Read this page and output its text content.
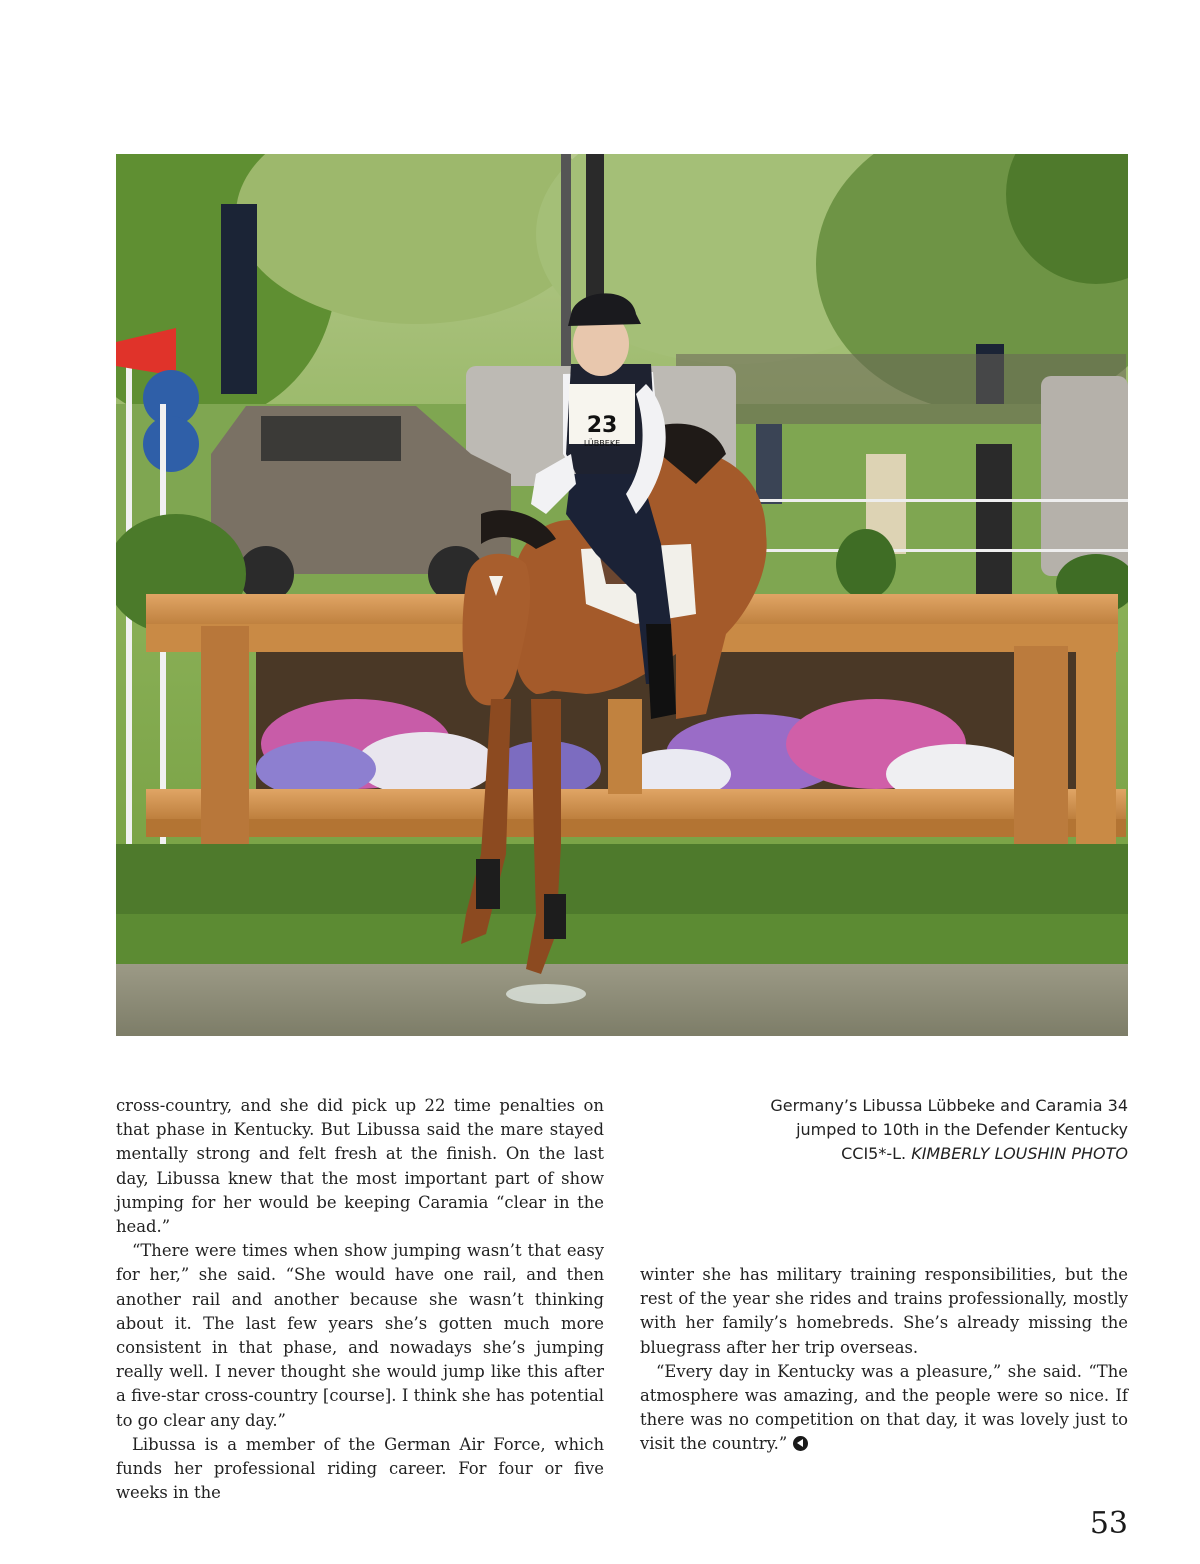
23
LÜBBEKE
Germany’s Libussa Lübbeke and Caramia 34 jumped to 10th in the Defender Kentucky CCI5*-L. KIMBERLY LOUSHIN PHOTO

cross-country, and she did pick up 22 time penalties on that phase in Kentucky. But Libussa said the mare stayed mentally strong and felt fresh at the finish. On the last day, Libussa knew that the most important part of show jumping for her would be keeping Caramia “clear in the head.”

“There were times when show jumping wasn’t that easy for her,” she said. “She would have one rail, and then another rail and another because she wasn’t thinking about it. The last few years she’s gotten much more consistent in that phase, and nowadays she’s jumping really well. I never thought she would jump like this after a five-star cross-country [course]. I think she has potential to go clear any day.”

Libussa is a member of the German Air Force, which funds her professional riding career. For four or five weeks in the

winter she has military training responsibilities, but the rest of the year she rides and trains professionally, mostly with her family’s homebreds. She’s already missing the bluegrass after her trip overseas.

“Every day in Kentucky was a pleasure,” she said. “The atmosphere was amazing, and the people were so nice. If there was no competition on that day, it was lovely just to visit the country.”

53
